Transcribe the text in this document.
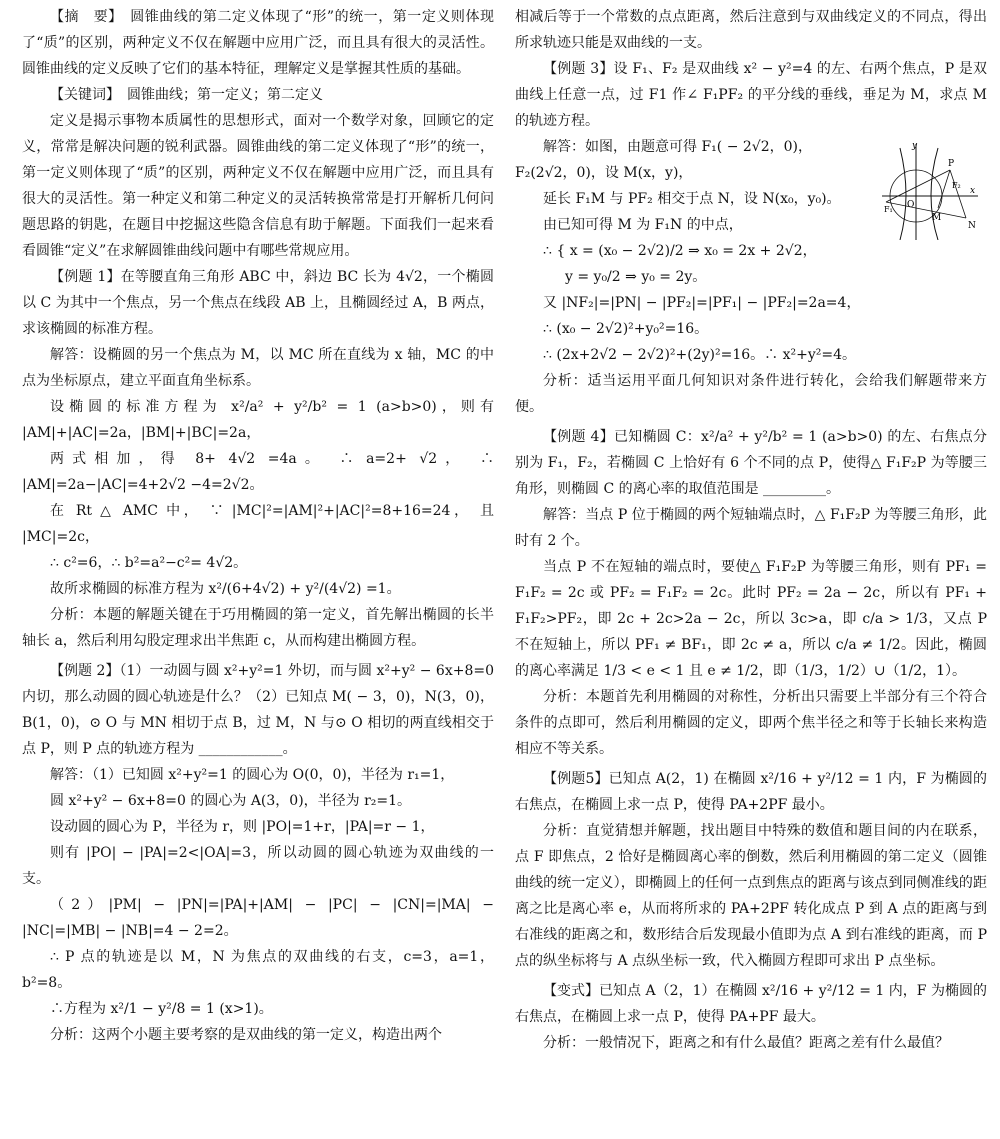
【摘　要】　圆锥曲线的第二定义体现了“形”的统一，第一定义则体现了“质”的区别，两种定义不仅在解题中应用广泛，而且具有很大的灵活性。圆锥曲线的定义反映了它们的基本特征，理解定义是掌握其性质的基础。

【关键词】　圆锥曲线；第一定义；第二定义

定义是揭示事物本质属性的思想形式，面对一个数学对象，回顾它的定义，常常是解决问题的锐利武器。圆锥曲线的第二定义体现了“形”的统一，第一定义则体现了“质”的区别，两种定义不仅在解题中应用广泛，而且具有很大的灵活性。第一种定义和第二种定义的灵活转换常常是打开解析几何问题思路的钥匙，在题目中挖掘这些隐含信息有助于解题。下面我们一起来看看圆锥“定义”在求解圆锥曲线问题中有哪些常规应用。

【例题 1】在等腰直角三角形 ABC 中，斜边 BC 长为 4√2，一个椭圆以 C 为其中一个焦点，另一个焦点在线段 AB 上，且椭圆经过 A，B 两点，求该椭圆的标准方程。

解答：设椭圆的另一个焦点为 M，以 MC 所在直线为 x 轴，MC 的中点为坐标原点，建立平面直角坐标系。

设椭圆的标准方程为 x²/a² + y²/b² = 1 (a>b>0)，则有 |AM|+|AC|=2a，|BM|+|BC|=2a，

两式相加，得 8+ 4√2 =4a。 ∴ a=2+ √2， ∴ |AM|=2a−|AC|=4+2√2 −4=2√2。

在 Rt △ AMC 中， ∵ |MC|²=|AM|²+|AC|²=8+16=24， 且 |MC|=2c，

∴ c²=6，∴ b²=a²−c²= 4√2。

故所求椭圆的标准方程为 x²/(6+4√2) + y²/(4√2) =1。

分析：本题的解题关键在于巧用椭圆的第一定义，首先解出椭圆的长半轴长 a，然后利用勾股定理求出半焦距 c，从而构建出椭圆方程。

【例题 2】（1）一动圆与圆 x²+y²=1 外切，而与圆 x²+y² − 6x+8=0 内切，那么动圆的圆心轨迹是什么？（2）已知点 M( − 3，0)，N(3，0)，B(1，0)，⊙ O 与 MN 相切于点 B，过 M，N 与⊙ O 相切的两直线相交于点 P，则 P 点的轨迹方程为 ____________。

解答：（1）已知圆 x²+y²=1 的圆心为 O(0，0)，半径为 r₁=1，

圆 x²+y² − 6x+8=0 的圆心为 A(3，0)，半径为 r₂=1。

设动圆的圆心为 P，半径为 r，则 |PO|=1+r，|PA|=r − 1，

则有 |PO| − |PA|=2<|OA|=3，所以动圆的圆心轨迹为双曲线的一支。

（2）|PM| − |PN|=|PA|+|AM| − |PC| − |CN|=|MA| − |NC|=|MB| − |NB|=4 − 2=2。

∴ P 点的轨迹是以 M，N 为焦点的双曲线的右支，c=3，a=1，b²=8。

∴方程为 x²/1 − y²/8 = 1 (x>1)。

分析：这两个小题主要考察的是双曲线的第一定义，构造出两个

相减后等于一个常数的点点距离，然后注意到与双曲线定义的不同点，得出所求轨迹只能是双曲线的一支。

【例题 3】设 F₁、F₂ 是双曲线 x² − y²=4 的左、右两个焦点，P 是双曲线上任意一点，过 F1 作∠ F₁PF₂ 的平分线的垂线，垂足为 M，求点 M 的轨迹方程。

解答：如图，由题意可得 F₁( − 2√2，0)，

F₂(2√2，0)，设 M(x，y)，

延长 F₁M 与 PF₂ 相交于点 N，设 N(x₀，y₀)。

由已知可得 M 为 F₁N 的中点，

∴ { x = (x₀ − 2√2)/2 ⇒ x₀ = 2x + 2√2，

y = y₀/2 ⇒ y₀ = 2y。

又 |NF₂|=|PN| − |PF₂|=|PF₁| − |PF₂|=2a=4，

∴ (x₀ − 2√2)²+y₀²=16。

∴ (2x+2√2 − 2√2)²+(2y)²=16。∴ x²+y²=4。

分析：适当运用平面几何知识对条件进行转化，会给我们解题带来方便。

【例题 4】已知椭圆 C：x²/a² + y²/b² = 1 (a>b>0) 的左、右焦点分别为 F₁，F₂，若椭圆 C 上恰好有 6 个不同的点 P，使得△ F₁F₂P 为等腰三角形，则椭圆 C 的离心率的取值范围是 _________。

解答：当点 P 位于椭圆的两个短轴端点时，△ F₁F₂P 为等腰三角形，此时有 2 个。

当点 P 不在短轴的端点时，要使△ F₁F₂P 为等腰三角形，则有 PF₁ = F₁F₂ = 2c 或 PF₂ = F₁F₂ = 2c。此时 PF₂ = 2a − 2c，所以有 PF₁ + F₁F₂>PF₂，即 2c + 2c>2a − 2c，所以 3c>a，即 c/a > 1/3，又点 P 不在短轴上，所以 PF₁ ≠ BF₁，即 2c ≠ a，所以 c/a ≠ 1/2。因此，椭圆的离心率满足 1/3 < e < 1 且 e ≠ 1/2，即（1/3，1/2）∪（1/2，1）。

分析：本题首先利用椭圆的对称性，分析出只需要上半部分有三个符合条件的点即可，然后利用椭圆的定义，即两个焦半径之和等于长轴长来构造相应不等关系。

【例题5】已知点 A(2，1) 在椭圆 x²/16 + y²/12 = 1 内，F 为椭圆的右焦点，在椭圆上求一点 P，使得 PA+2PF 最小。

分析：直觉猜想并解题，找出题目中特殊的数值和题目间的内在联系，点 F 即焦点，2 恰好是椭圆离心率的倒数，然后利用椭圆的第二定义（圆锥曲线的统一定义），即椭圆上的任何一点到焦点的距离与该点到同侧准线的距离之比是离心率 e，从而将所求的 PA+2PF 转化成点 P 到 A 点的距离与到右准线的距离之和，数形结合后发现最小值即为点 A 到右准线的距离，而 P 点的纵坐标将与 A 点纵坐标一致，代入椭圆方程即可求出 P 点坐标。

【变式】已知点 A（2，1）在椭圆 x²/16 + y²/12 = 1 内，F 为椭圆的右焦点，在椭圆上求一点 P，使得 PA+PF 最大。

分析：一般情况下，距离之和有什么最值？距离之差有什么最值？

y
x
O
F₁
F₂
P
M
N
